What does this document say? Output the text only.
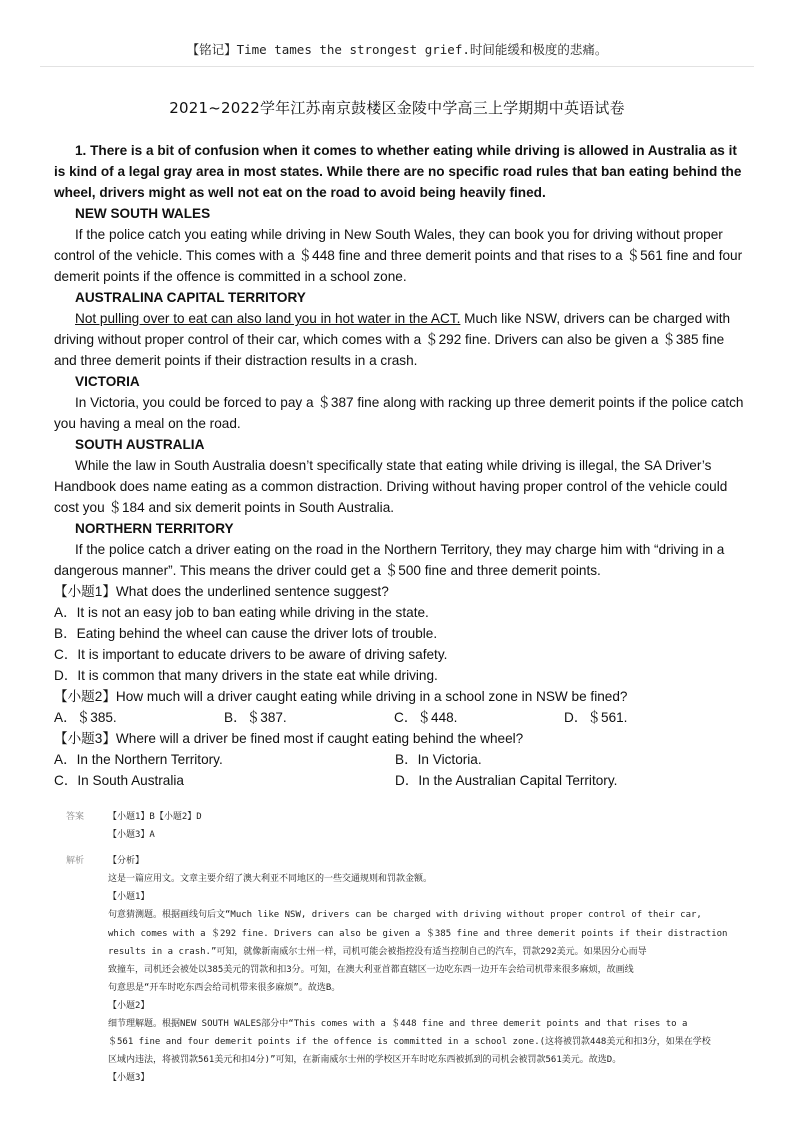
【铭记】Time tames the strongest grief.时间能缓和极度的悲痛。
2021~2022学年江苏南京鼓楼区金陵中学高三上学期期中英语试卷

1. There is a bit of confusion when it comes to whether eating while driving is allowed in Australia as it is kind of a legal gray area in most states. While there are no specific road rules that ban eating behind the wheel, drivers might as well not eat on the road to avoid being heavily fined.

NEW SOUTH WALES

If the police catch you eating while driving in New South Wales, they can book you for driving without proper control of the vehicle. This comes with a ＄448 fine and three demerit points and that rises to a ＄561 fine and four demerit points if the offence is committed in a school zone.

AUSTRALINA CAPITAL TERRITORY

Not pulling over to eat can also land you in hot water in the ACT. Much like NSW, drivers can be charged with driving without proper control of their car, which comes with a ＄292 fine. Drivers can also be given a ＄385 fine and three demerit points if their distraction results in a crash.

VICTORIA

In Victoria, you could be forced to pay a ＄387 fine along with racking up three demerit points if the police catch you having a meal on the road.

SOUTH AUSTRALIA

While the law in South Australia doesn’t specifically state that eating while driving is illegal, the SA Driver’s Handbook does name eating as a common distraction. Driving without having proper control of the vehicle could cost you ＄184 and six demerit points in South Australia.

NORTHERN TERRITORY

If the police catch a driver eating on the road in the Northern Territory, they may charge him with “driving in a dangerous manner”. This means the driver could get a ＄500 fine and three demerit points.

【小题1】What does the underlined sentence suggest?

A．It is not an easy job to ban eating while driving in the state.

B．Eating behind the wheel can cause the driver lots of trouble.

C．It is important to educate drivers to be aware of driving safety.

D．It is common that many drivers in the state eat while driving.

【小题2】How much will a driver caught eating while driving in a school zone in NSW be fined?

A．＄385.	B．＄387.	C．＄448.	D．＄561.

【小题3】Where will a driver be fined most if caught eating behind the wheel?

A．In the Northern Territory.	B．In Victoria.
C．In South Australia	D．In the Australian Capital Territory.
答案	【小题1】B【小题2】D
【小题3】A
解析	【分析】
这是一篇应用文。文章主要介绍了澳大利亚不同地区的一些交通规则和罚款金额。
【小题1】
句意猜测题。根据画线句后文“Much like NSW, drivers can be charged with driving without proper control of their car,
which comes with a ＄292 fine. Drivers can also be given a ＄385 fine and three demerit points if their distraction
results in a crash.”可知，就像新南威尔士州一样，司机可能会被指控没有适当控制自己的汽车，罚款292美元。如果因分心而导
致撞车，司机还会被处以385美元的罚款和扣3分。可知，在澳大利亚首都直辖区一边吃东西一边开车会给司机带来很多麻烦，故画线
句意思是“开车时吃东西会给司机带来很多麻烦”。故选B。
【小题2】
细节理解题。根据NEW SOUTH WALES部分中“This comes with a ＄448 fine and three demerit points and that rises to a
＄561 fine and four demerit points if the offence is committed in a school zone.(这将被罚款448美元和扣3分，如果在学校
区域内违法，将被罚款561美元和扣4分)”可知，在新南威尔士州的学校区开车时吃东西被抓到的司机会被罚款561美元。故选D。
【小题3】
